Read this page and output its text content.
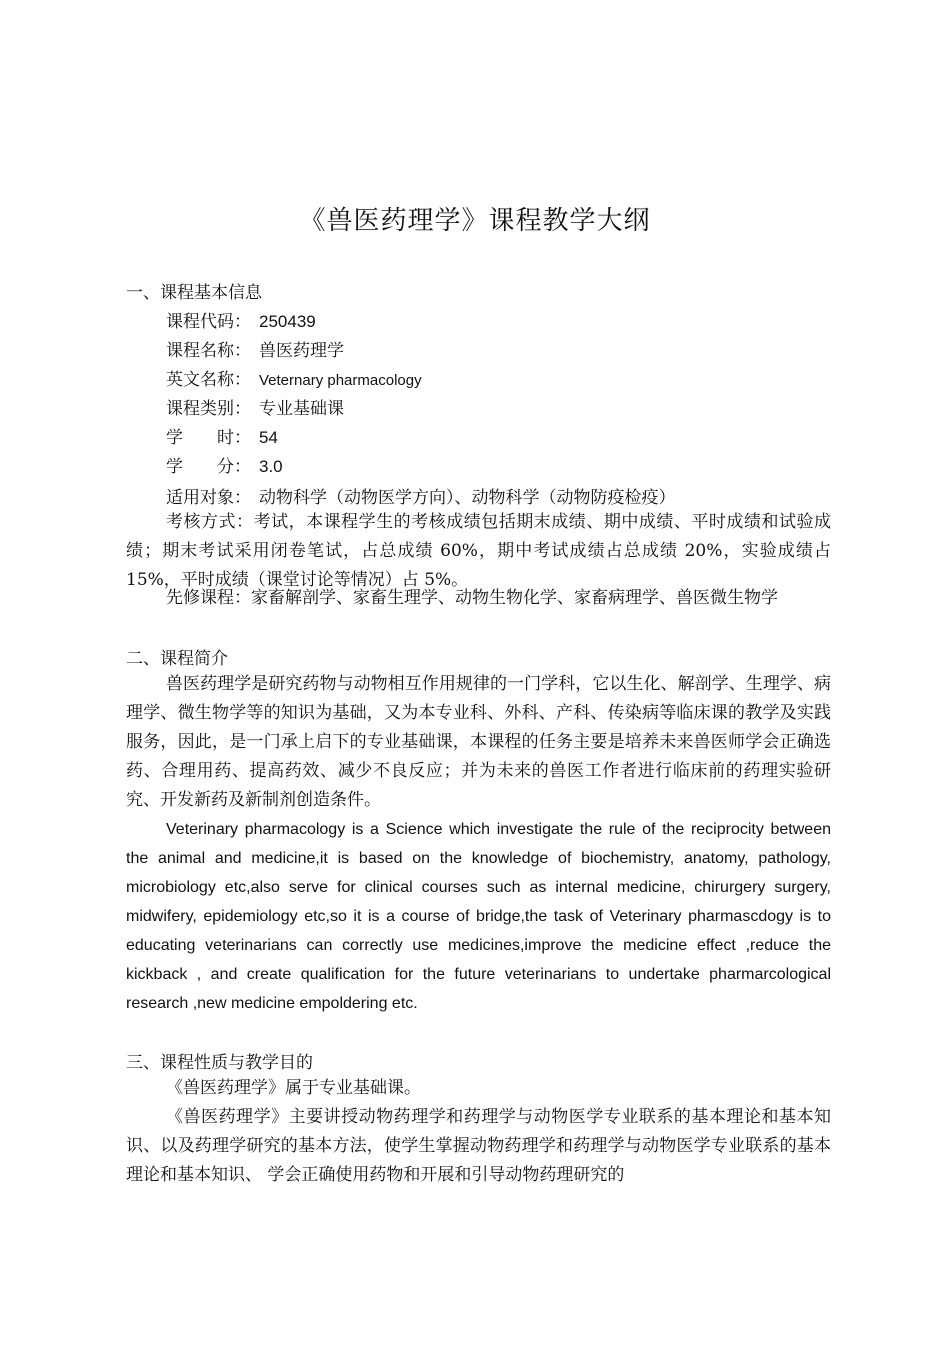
《兽医药理学》课程教学大纲
一、课程基本信息
课程代码： 250439
课程名称： 兽医药理学
英文名称： Veternary pharmacology
课程类别： 专业基础课
学　　时： 54
学　　分： 3.0
适用对象： 动物科学（动物医学方向）、动物科学（动物防疫检疫）

考核方式：考试，本课程学生的考核成绩包括期末成绩、期中成绩、平时成绩和试验成绩；期末考试采用闭卷笔试，占总成绩 60%，期中考试成绩占总成绩 20%，实验成绩占 15%，平时成绩（课堂讨论等情况）占 5%。

先修课程：家畜解剖学、家畜生理学、动物生物化学、家畜病理学、兽医微生物学

二、课程简介

兽医药理学是研究药物与动物相互作用规律的一门学科，它以生化、解剖学、生理学、病理学、微生物学等的知识为基础，又为本专业科、外科、产科、传染病等临床课的教学及实践服务，因此，是一门承上启下的专业基础课，本课程的任务主要是培养未来兽医师学会正确选药、合理用药、提高药效、减少不良反应；并为未来的兽医工作者进行临床前的药理实验研究、开发新药及新制剂创造条件。

Veterinary pharmacology is a Science which investigate the rule of the reciprocity between the animal and medicine,it is based on the knowledge of biochemistry, anatomy, pathology, microbiology etc,also serve for clinical courses such as internal medicine, chirurgery surgery, midwifery, epidemiology etc,so it is a course of bridge,the task of Veterinary pharmascdogy is to educating veterinarians can correctly use medicines,improve the medicine effect ,reduce the kickback , and create qualification for the future veterinarians to undertake pharmarcological research ,new medicine empoldering etc.

三、课程性质与教学目的

《兽医药理学》属于专业基础课。

《兽医药理学》主要讲授动物药理学和药理学与动物医学专业联系的基本理论和基本知识、以及药理学研究的基本方法，使学生掌握动物药理学和药理学与动物医学专业联系的基本理论和基本知识、 学会正确使用药物和开展和引导动物药理研究的
